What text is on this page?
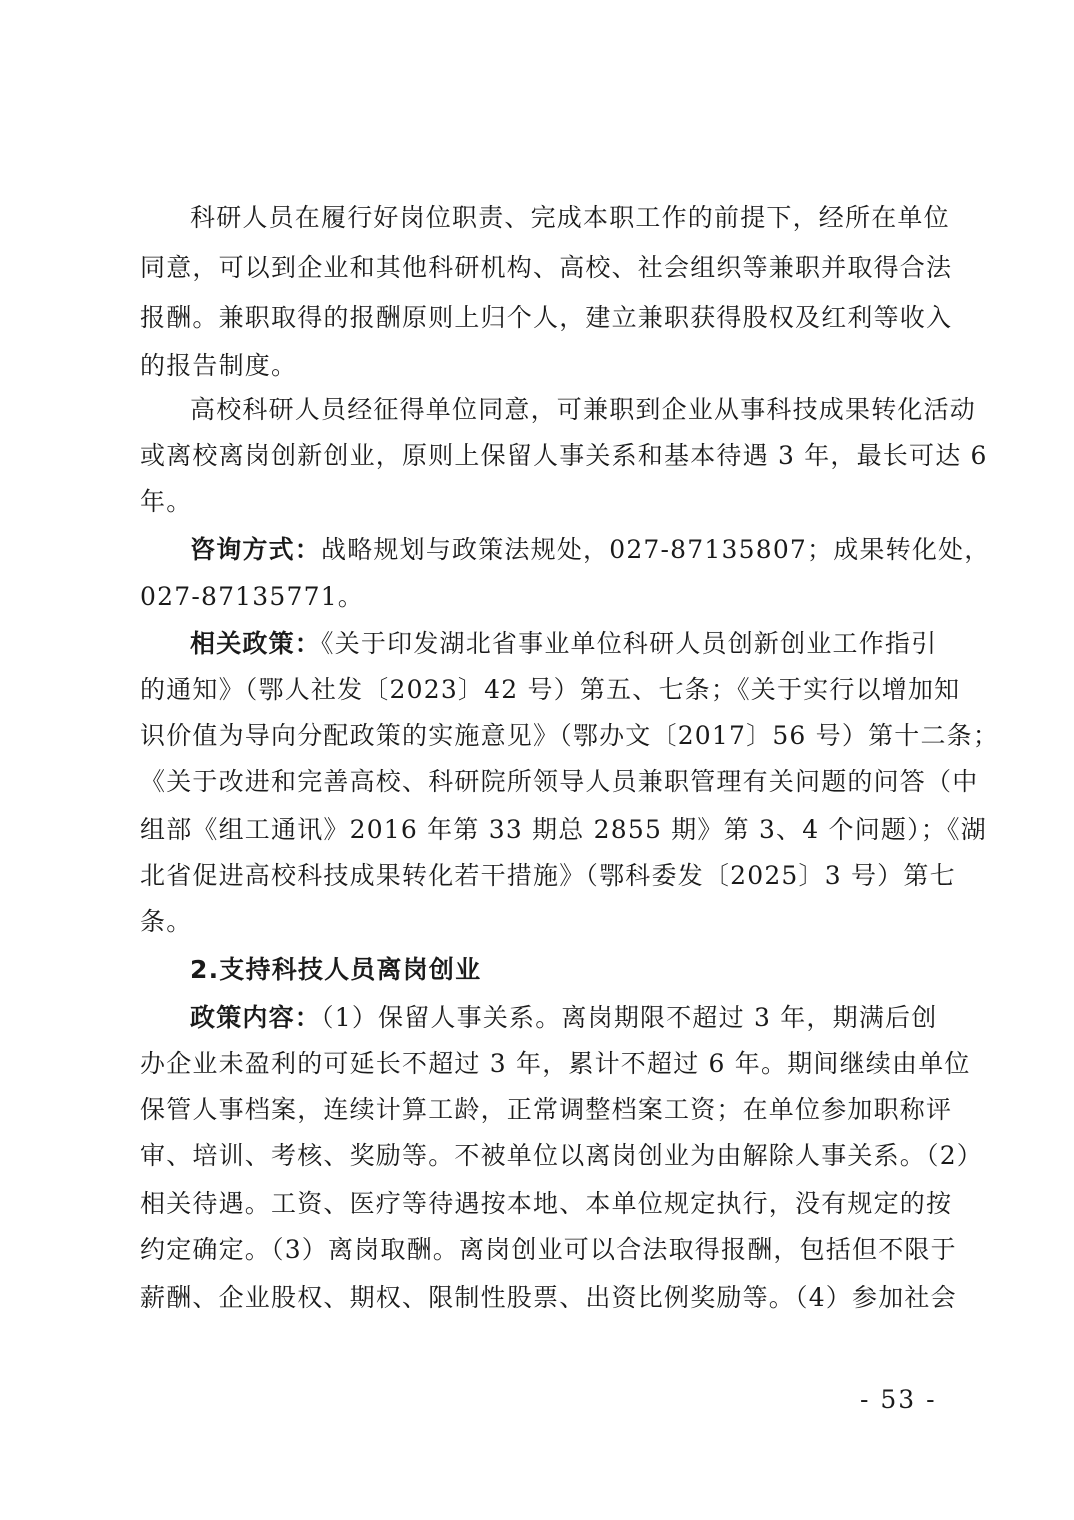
科研人员在履行好岗位职责、完成本职工作的前提下，经所在单位
同意，可以到企业和其他科研机构、高校、社会组织等兼职并取得合法
报酬。兼职取得的报酬原则上归个人，建立兼职获得股权及红利等收入
的报告制度。
高校科研人员经征得单位同意，可兼职到企业从事科技成果转化活动
或离校离岗创新创业，原则上保留人事关系和基本待遇 3 年，最长可达 6
年。
咨询方式：战略规划与政策法规处，027-87135807；成果转化处，
027-87135771。
相关政策：《关于印发湖北省事业单位科研人员创新创业工作指引
的通知》（鄂人社发〔2023〕42 号）第五、七条；《关于实行以增加知
识价值为导向分配政策的实施意见》（鄂办文〔2017〕56 号）第十二条；
《关于改进和完善高校、科研院所领导人员兼职管理有关问题的问答（中
组部《组工通讯》2016 年第 33 期总 2855 期》第 3、4 个问题）；《湖
北省促进高校科技成果转化若干措施》（鄂科委发〔2025〕3 号）第七
条。
2.支持科技人员离岗创业
政策内容：（1）保留人事关系。离岗期限不超过 3 年，期满后创
办企业未盈利的可延长不超过 3 年，累计不超过 6 年。期间继续由单位
保管人事档案，连续计算工龄，正常调整档案工资；在单位参加职称评
审、培训、考核、奖励等。不被单位以离岗创业为由解除人事关系。（2）
相关待遇。工资、医疗等待遇按本地、本单位规定执行，没有规定的按
约定确定。（3）离岗取酬。离岗创业可以合法取得报酬，包括但不限于
薪酬、企业股权、期权、限制性股票、出资比例奖励等。（4）参加社会
- 53 -
